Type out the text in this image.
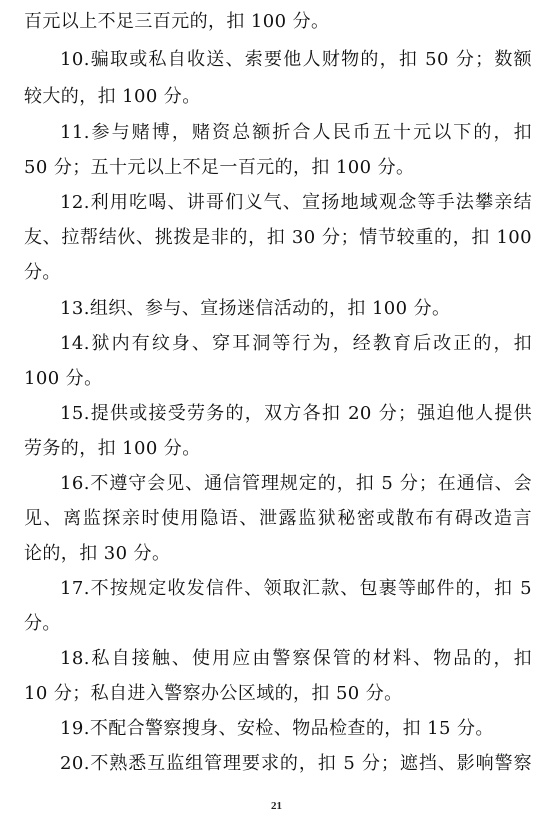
百元以上不足三百元的，扣 100 分。
10.骗取或私自收送、索要他人财物的，扣 50 分；数额
较大的，扣 100 分。
11.参与赌博，赌资总额折合人民币五十元以下的，扣
50 分；五十元以上不足一百元的，扣 100 分。
12.利用吃喝、讲哥们义气、宣扬地域观念等手法攀亲结
友、拉帮结伙、挑拨是非的，扣 30 分；情节较重的，扣 100
分。
13.组织、参与、宣扬迷信活动的，扣 100 分。
14.狱内有纹身、穿耳洞等行为，经教育后改正的，扣
100 分。
15.提供或接受劳务的，双方各扣 20 分；强迫他人提供
劳务的，扣 100 分。
16.不遵守会见、通信管理规定的，扣 5 分；在通信、会
见、离监探亲时使用隐语、泄露监狱秘密或散布有碍改造言
论的，扣 30 分。
17.不按规定收发信件、领取汇款、包裹等邮件的，扣 5
分。
18.私自接触、使用应由警察保管的材料、物品的，扣
10 分；私自进入警察办公区域的，扣 50 分。
19.不配合警察搜身、安检、物品检查的，扣 15 分。
20.不熟悉互监组管理要求的，扣 5 分；遮挡、影响警察
21
